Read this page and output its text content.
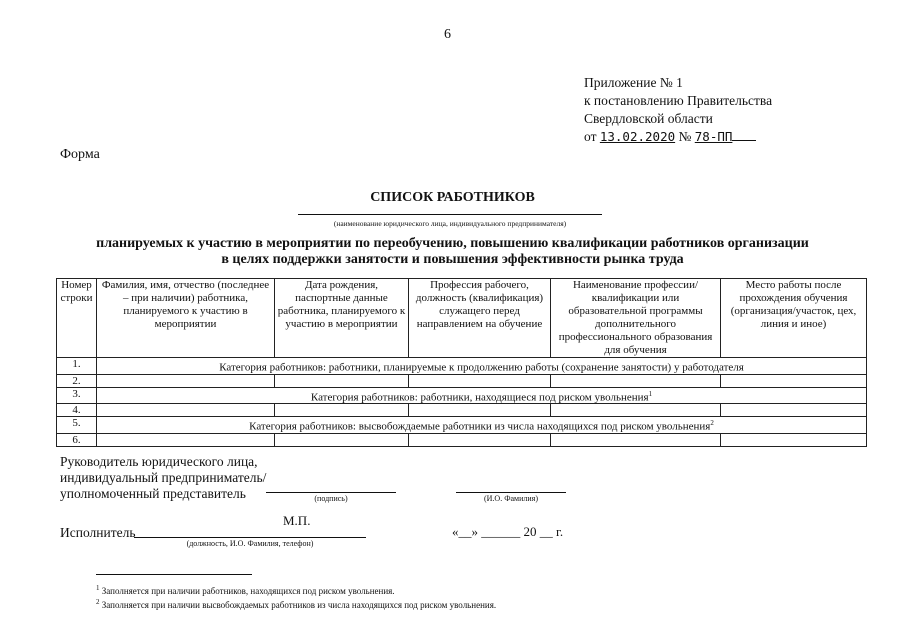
6
Приложение № 1
к постановлению Правительства
Свердловской области
от 13.02.2020 № 78-ПП
Форма
СПИСОК РАБОТНИКОВ
(наименование юридического лица, индивидуального предпринимателя)
планируемых к участию в мероприятии по переобучению, повышению квалификации работников организации
в целях поддержки занятости и повышения эффективности рынка труда
Номер строки	Фамилия, имя, отчество (последнее – при наличии) работника, планируемого к участию в мероприятии	Дата рождения, паспортные данные работника, планируемого к участию в мероприятии	Профессия рабочего, должность (квалификация) служащего перед направлением на обучение	Наименование профессии/квалификации или образовательной программы дополнительного профессионального образования для обучения	Место работы после прохождения обучения (организация/участок, цех, линия и иное)
1.	Категория работников: работники, планируемые к продолжению работы (сохранение занятости) у работодателя				
2.					
3.	Категория работников: работники, находящиеся под риском увольнения$^1$
4.					
5.	Категория работников: высвобождаемые работники из числа находящихся под риском увольнения$^2$
6.					
Руководитель юридического лица,
индивидуальный предприниматель/
уполномоченный представитель	(подпись)	(И.О. Фамилия)
М.П.
Исполнитель
(должность, И.О. Фамилия, телефон)
«__» ______ 20 __ г.
$^1$ Заполняется при наличии работников, находящихся под риском увольнения.
$^2$ Заполняется при наличии высвобождаемых работников из числа находящихся под риском увольнения.
